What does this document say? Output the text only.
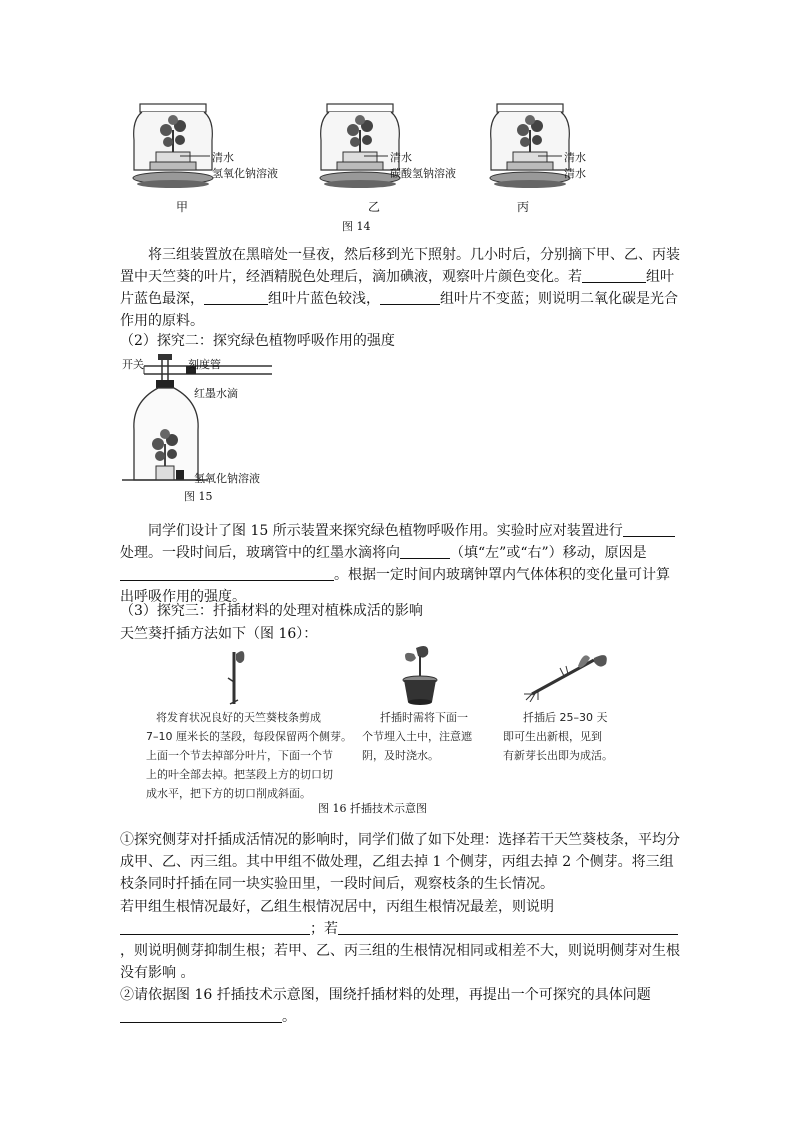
清水
氢氧化钠溶液
甲
清水
碳酸氢钠溶液
乙
清水
清水
丙
图 14

将三组装置放在黑暗处一昼夜，然后移到光下照射。几小时后，分别摘下甲、乙、丙装置中天竺葵的叶片，经酒精脱色处理后，滴加碘液，观察叶片颜色变化。若	组叶片蓝色最深，	组叶片蓝色较浅，	组叶片不变蓝；则说明二氧化碳是光合作用的原料。

（2）探究二：探究绿色植物呼吸作用的强度

开关	刻度管
红墨水滴
氢氧化钠溶液
图 15

同学们设计了图 15 所示装置来探究绿色植物呼吸作用。实验时应对装置进行处理。一段时间后，玻璃管中的红墨水滴将向	（填“左”或“右”）移动，原因是。根据一定时间内玻璃钟罩内气体体积的变化量可计算出呼吸作用的强度。

（3）探究三：扦插材料的处理对植株成活的影响

天竺葵扦插方法如下（图 16）：

将发育状况良好的天竺葵枝条剪成
7–10 厘米长的茎段，每段保留两个侧芽。
上面一个节去掉部分叶片，下面一个节
上的叶全部去掉。把茎段上方的切口切
成水平，把下方的切口削成斜面。
扦插时需将下面一
个节埋入土中，注意遮
阴，及时浇水。
扦插后 25–30 天
即可生出新根，见到
有新芽长出即为成活。
图 16 扦插技术示意图

①探究侧芽对扦插成活情况的影响时，同学们做了如下处理：选择若干天竺葵枝条，平均分成甲、乙、丙三组。其中甲组不做处理，乙组去掉 1 个侧芽，丙组去掉 2 个侧芽。将三组枝条同时扦插在同一块实验田里，一段时间后，观察枝条的生长情况。

若甲组生根情况最好，乙组生根情况居中，丙组生根情况最差，则说明
；若，则说明侧芽抑制生根；若甲、乙、丙三组的生根情况相同或相差不大，则说明侧芽对生根没有影响 。

②请依据图 16 扦插技术示意图，围绕扦插材料的处理，再提出一个可探究的具体问题
。
